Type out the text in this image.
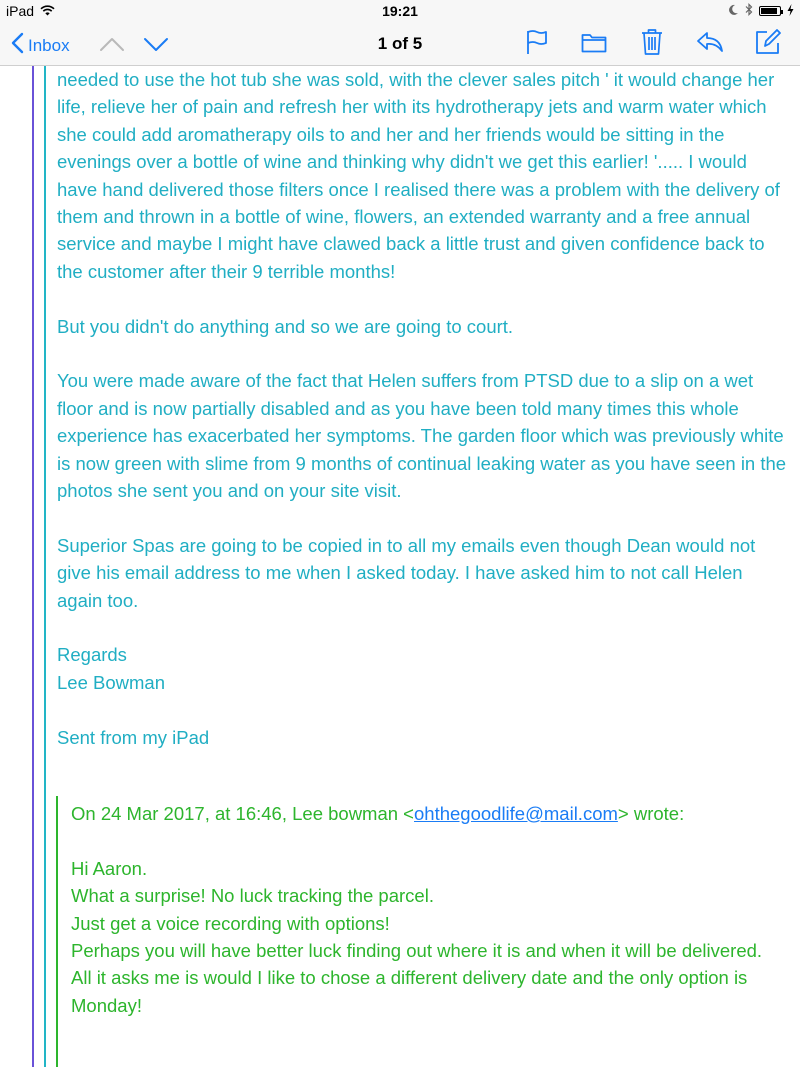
iPad	19:21
Inbox	1 of 5

needed to use the hot tub she was sold, with the clever sales pitch ' it would change her life, relieve her of pain and refresh her with its hydrotherapy jets and warm water which she could add aromatherapy oils to and her and her friends would be sitting in the evenings over a bottle of wine and thinking why didn't we get this earlier! '..... I would have hand delivered those filters once I realised there was a problem with the delivery of them and thrown in a bottle of wine, flowers, an extended warranty and a free annual service and maybe I might have clawed back a little trust and given confidence back to the customer after their 9 terrible months!

But you didn't do anything and so we are going to court.

You were made aware of the fact that Helen suffers from PTSD due to a slip on a wet floor and is now partially disabled and as you have been told many times this whole experience has exacerbated her symptoms. The garden floor which was previously white is now green with slime from 9 months of continual leaking water as you have seen in the photos she sent you and on your site visit.

Superior Spas are going to be copied in to all my emails even though Dean would not give his email address to me when I asked today. I have asked him to not call Helen again too.

Regards

Lee Bowman

Sent from my iPad

On 24 Mar 2017, at 16:46, Lee bowman <ohthegoodlife@mail.com> wrote:

Hi Aaron.

What a surprise! No luck tracking the parcel.

Just get a voice recording with options!

Perhaps you will have better luck finding out where it is and when it will be delivered.

All it asks me is would I like to chose a different delivery date and the only option is Monday!
